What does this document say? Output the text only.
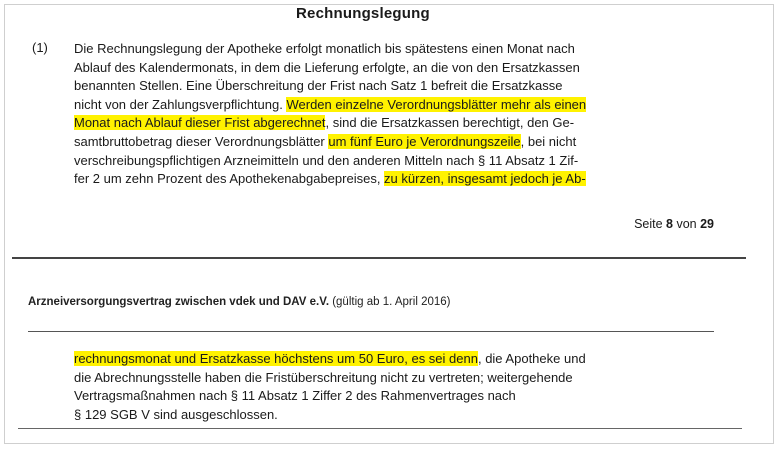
Rechnungslegung
(1) Die Rechnungslegung der Apotheke erfolgt monatlich bis spätestens einen Monat nach
Ablauf des Kalendermonats, in dem die Lieferung erfolgte, an die von den Ersatzkassen
benannten Stellen. Eine Überschreitung der Frist nach Satz 1 befreit die Ersatzkasse
nicht von der Zahlungsverpflichtung. Werden einzelne Verordnungsblätter mehr als einen
Monat nach Ablauf dieser Frist abgerechnet, sind die Ersatzkassen berechtigt, den Ge-
samtbruttobetrag dieser Verordnungsblätter um fünf Euro je Verordnungszeile, bei nicht
verschreibungspflichtigen Arzneimitteln und den anderen Mitteln nach § 11 Absatz 1 Zif-
fer 2 um zehn Prozent des Apothekenabgabepreises, zu kürzen, insgesamt jedoch je Ab-
Seite 8 von 29
Arzneiversorgungsvertrag zwischen vdek und DAV e.V. (gültig ab 1. April 2016)
rechnungsmonat und Ersatzkasse höchstens um 50 Euro, es sei denn, die Apotheke und
die Abrechnungsstelle haben die Fristüberschreitung nicht zu vertreten; weitergehende
Vertragsmaßnahmen nach § 11 Absatz 1 Ziffer 2 des Rahmenvertrages nach
§ 129 SGB V sind ausgeschlossen.
